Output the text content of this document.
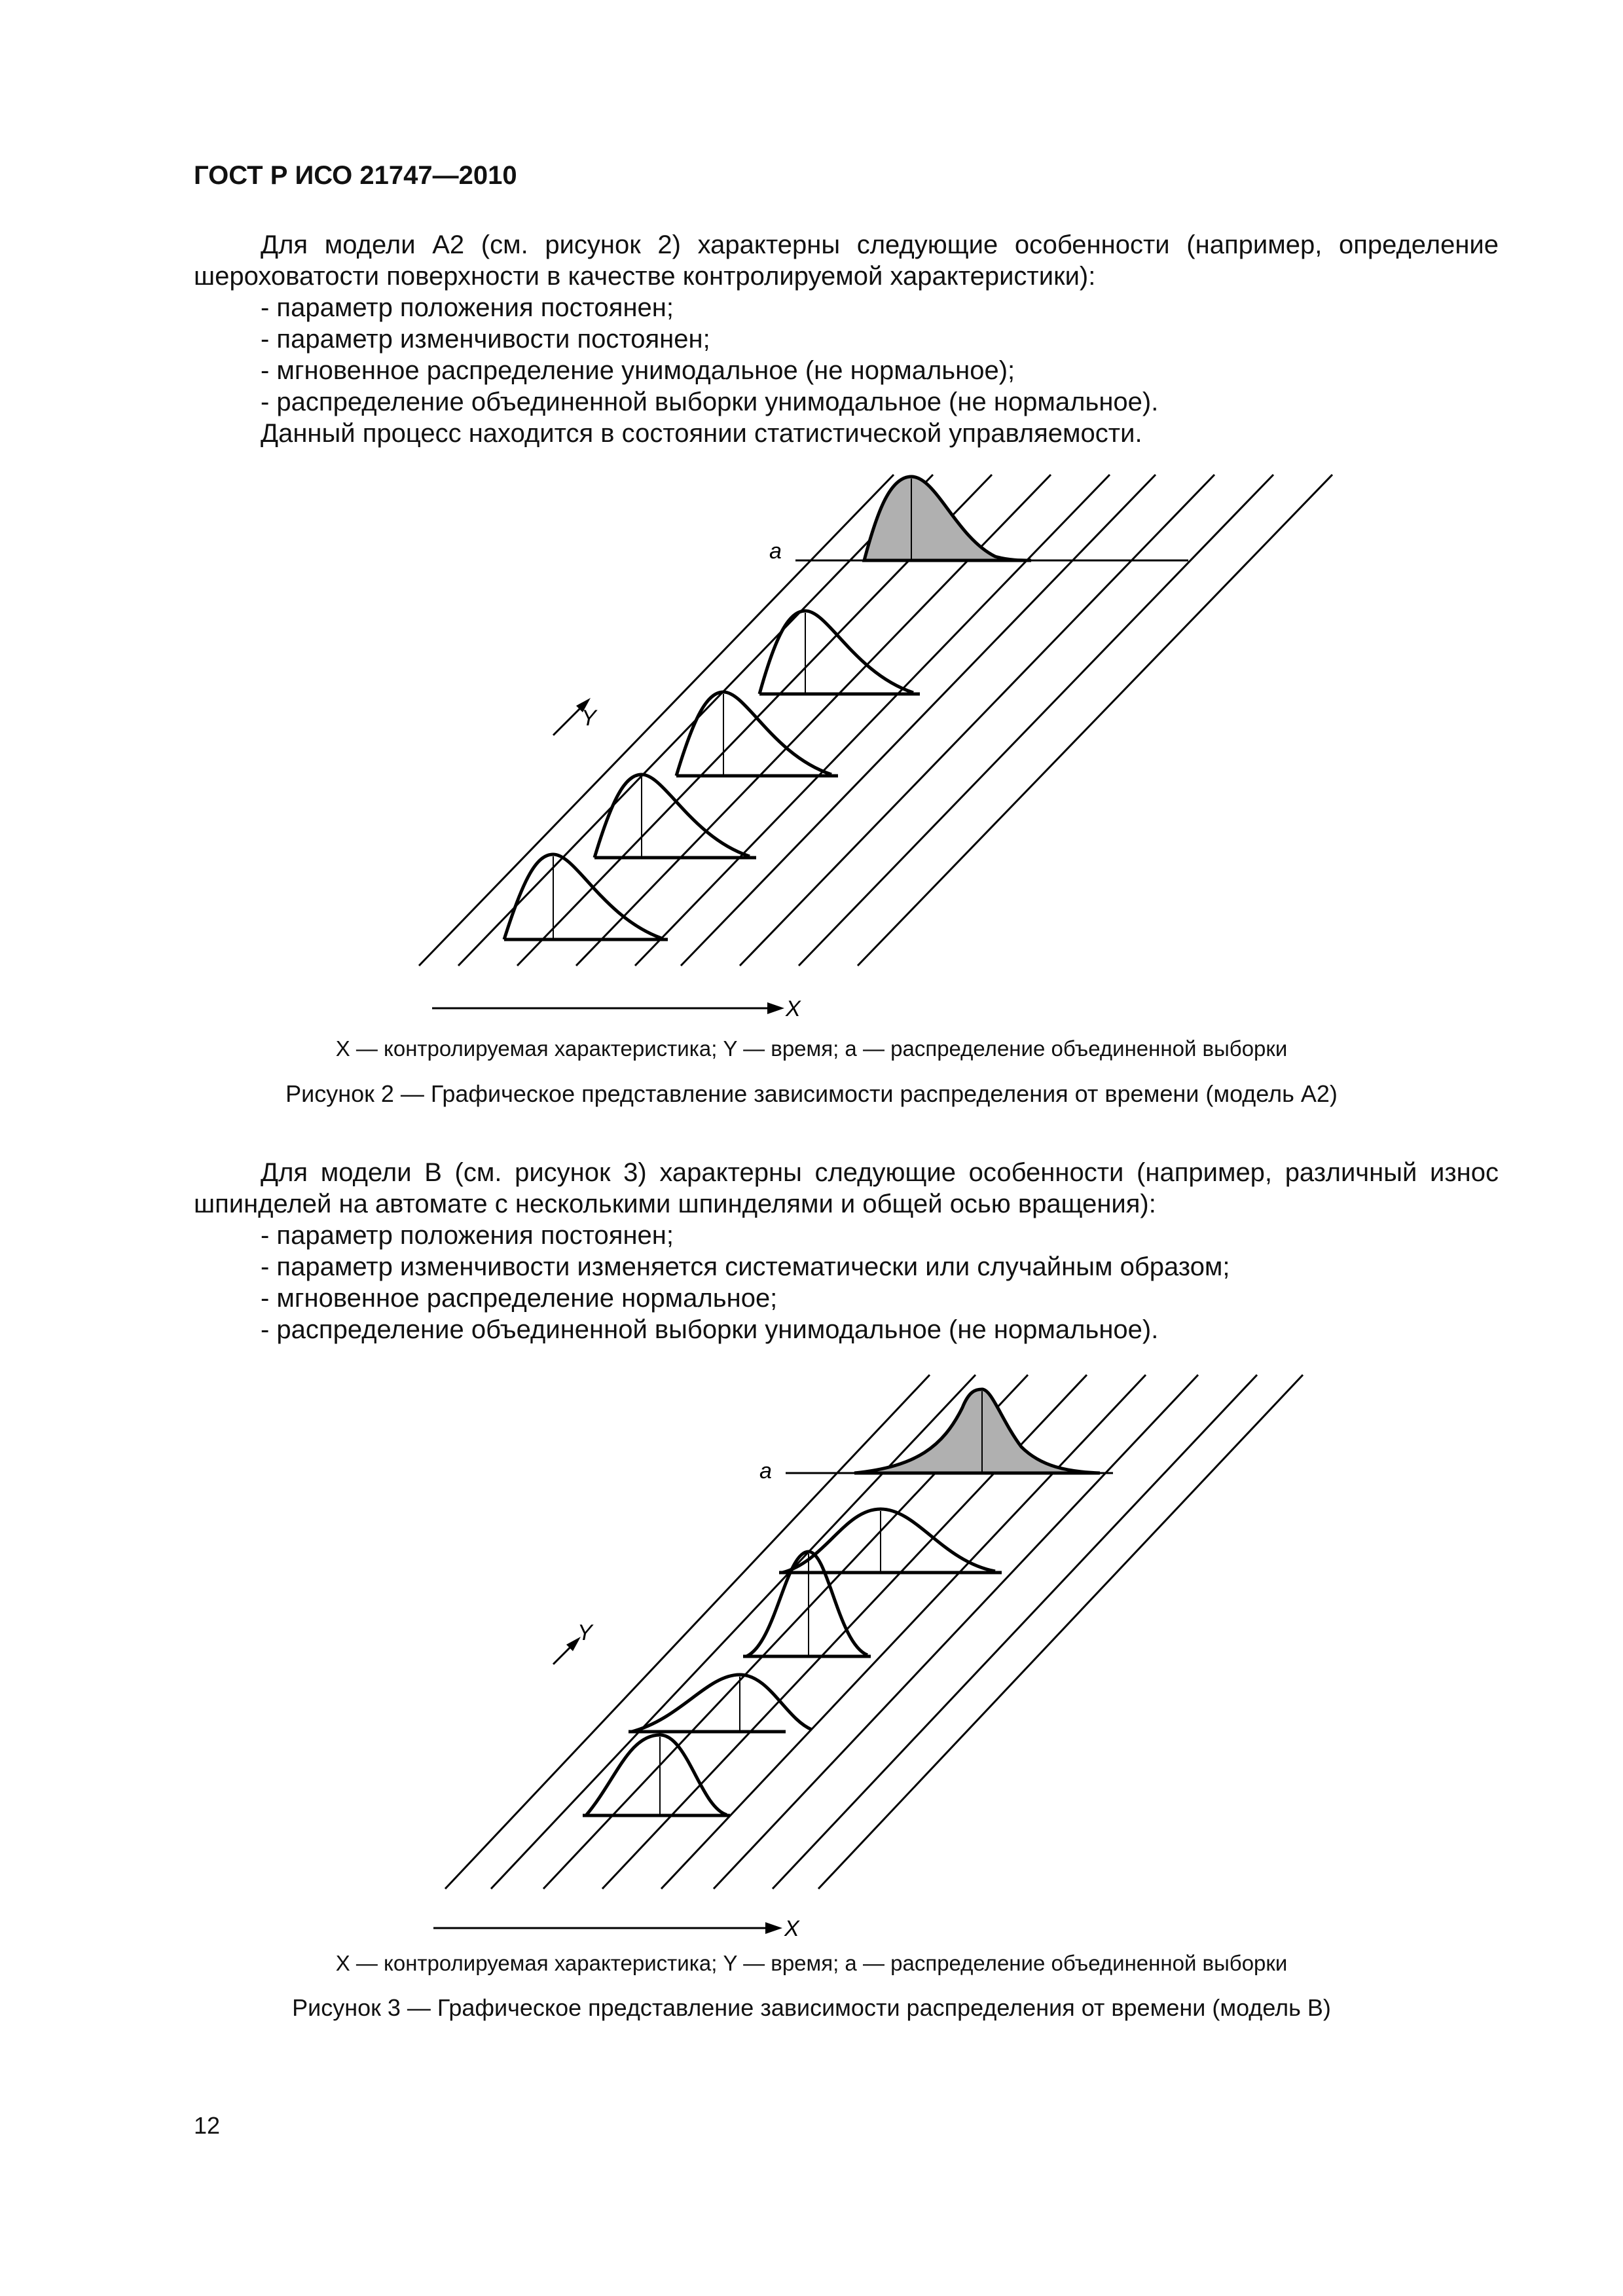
ГОСТ Р ИСО 21747—2010

Для модели А2 (см. рисунок 2) характерны следующие особенности (например, определение шероховатости поверхности в качестве контролируемой характеристики):

- параметр положения постоянен;

- параметр изменчивости постоянен;

- мгновенное распределение унимодальное (не нормальное);

- распределение объединенной выборки унимодальное (не нормальное).

Данный процесс находится в состоянии статистической управляемости.

a
Y
X
X — контролируемая характеристика; Y — время; a — распределение объединенной выборки
Рисунок 2 — Графическое представление зависимости распределения от времени (модель А2)

Для модели В (см. рисунок 3) характерны следующие особенности (например, различный износ шпинделей на автомате с несколькими шпинделями и общей осью вращения):

- параметр положения постоянен;

- параметр изменчивости изменяется систематически или случайным образом;

- мгновенное распределение нормальное;

- распределение объединенной выборки унимодальное (не нормальное).

a
Y
X
X — контролируемая характеристика; Y — время; a — распределение объединенной выборки
Рисунок 3 — Графическое представление зависимости распределения от времени (модель В)
12
